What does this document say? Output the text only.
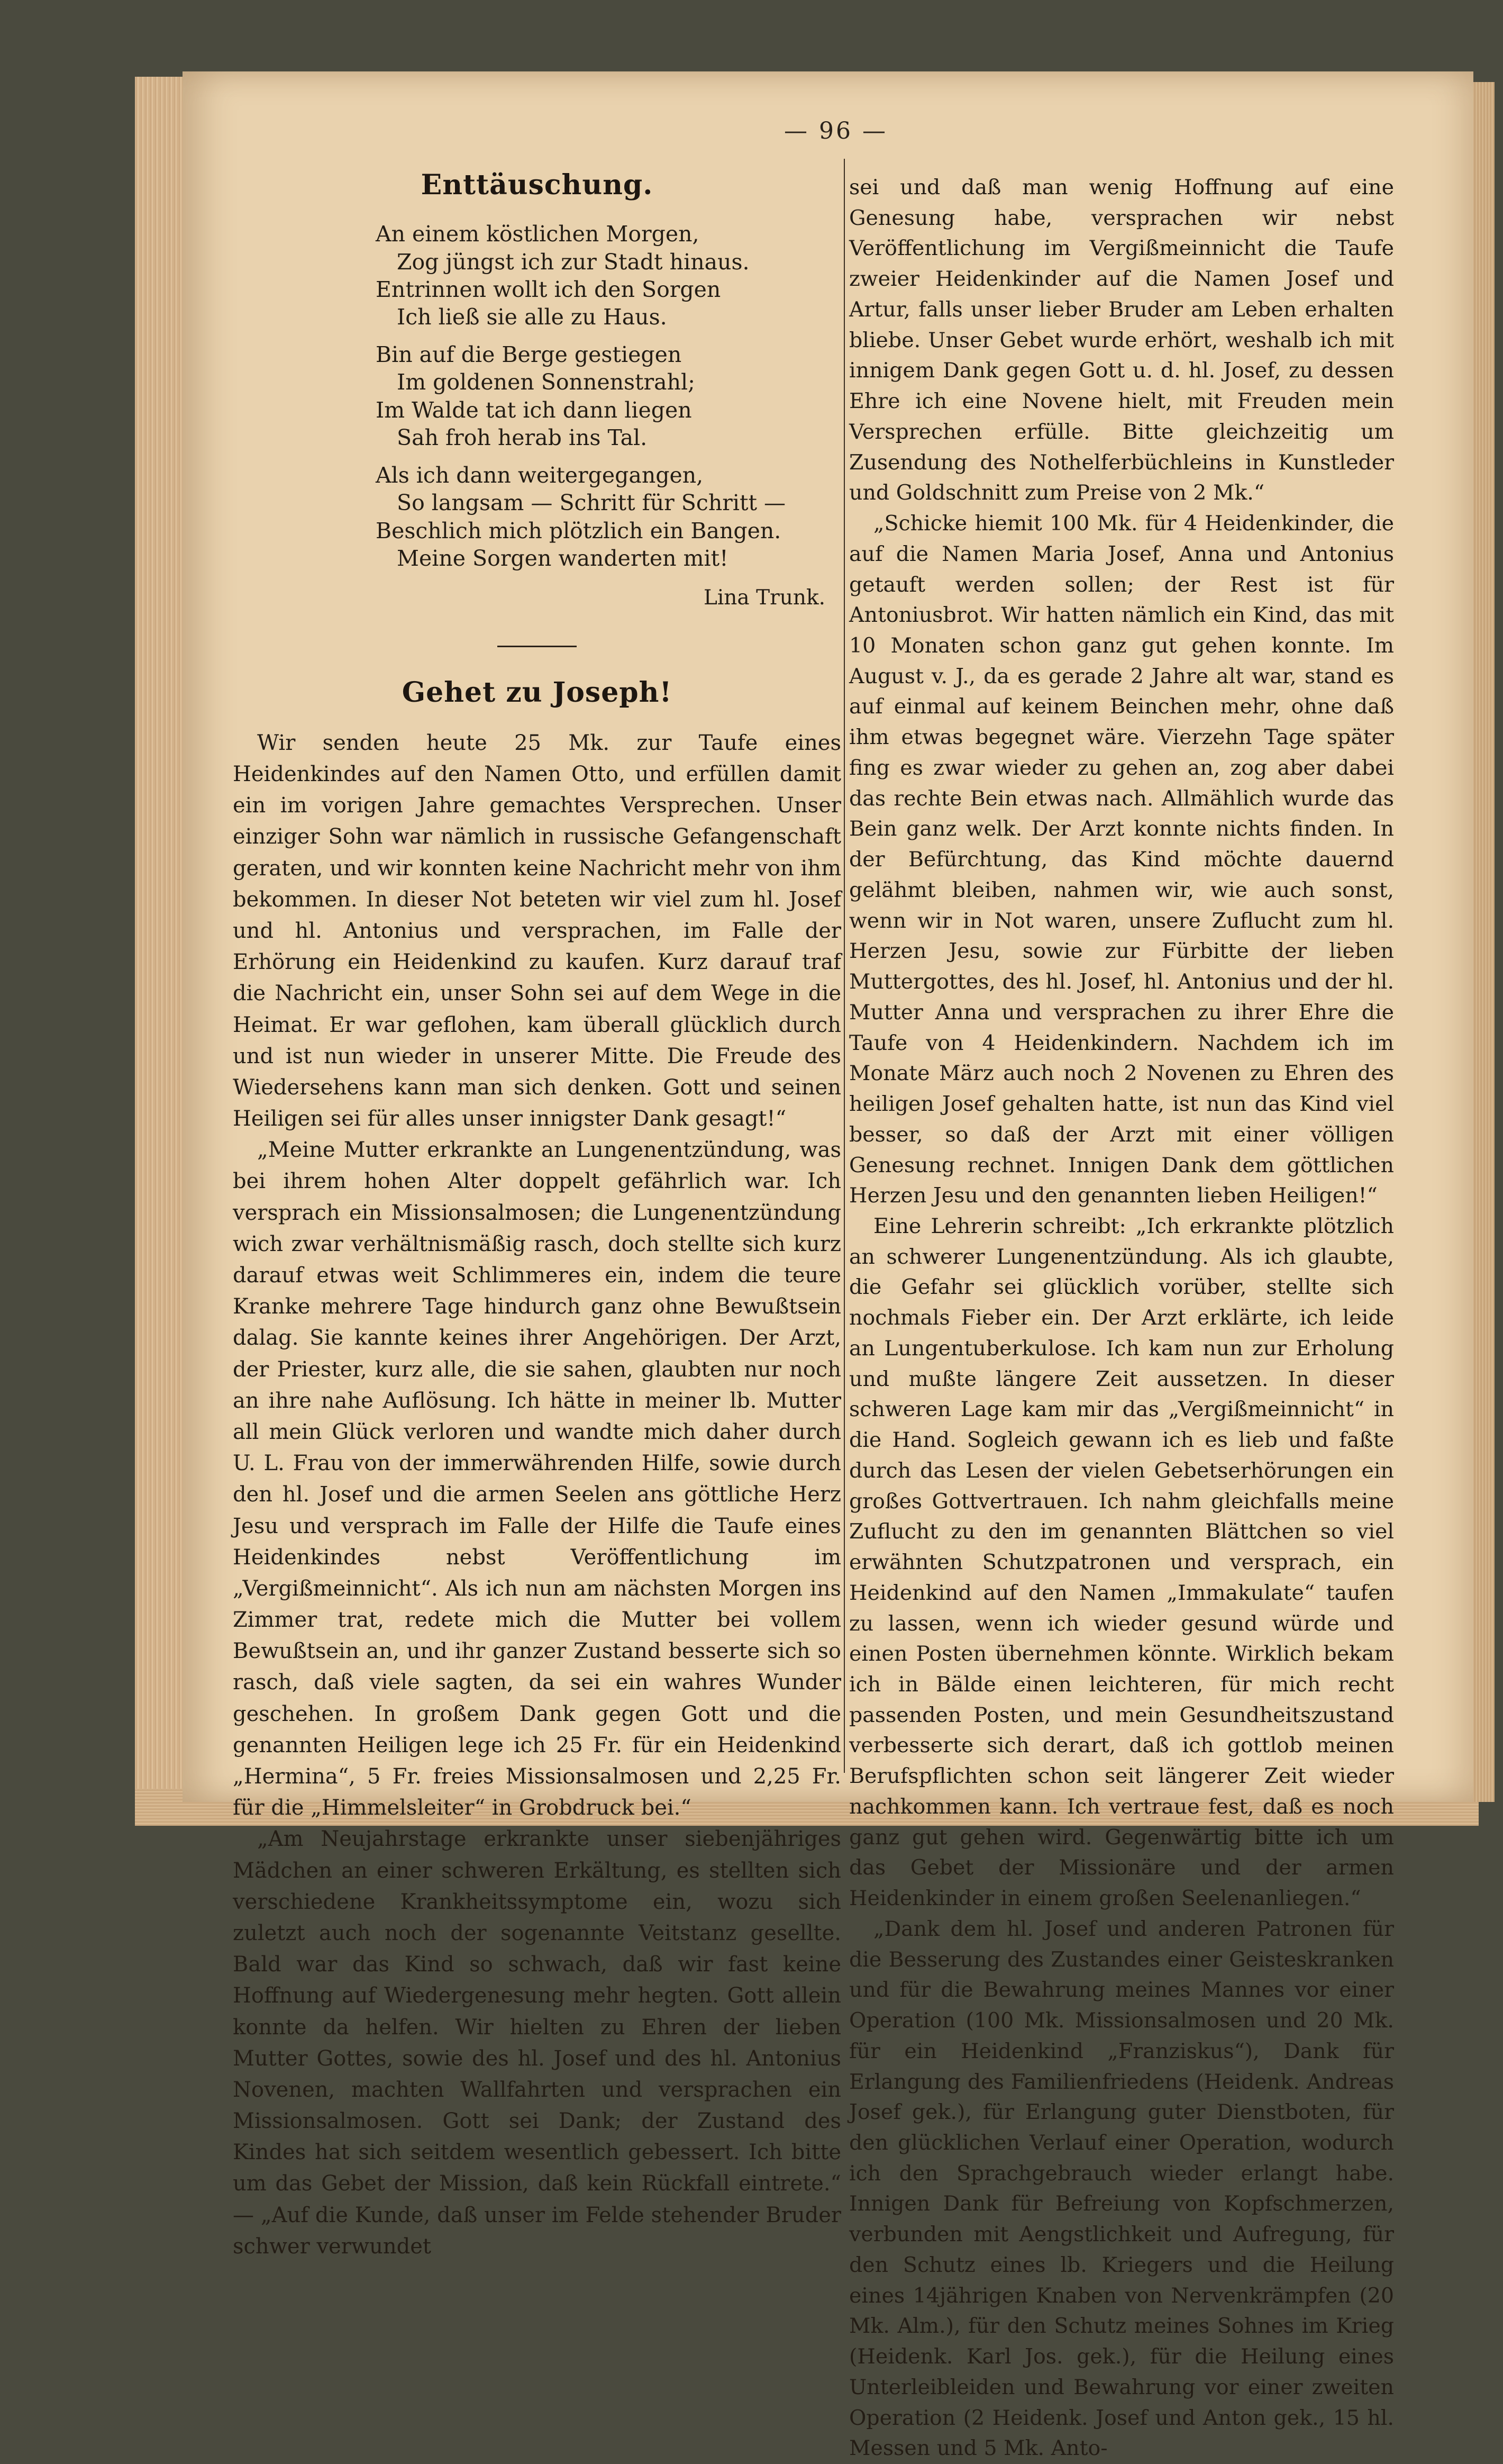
— 96 —
Enttäuschung.

An einem köstlichen Morgen,

Zog jüngst ich zur Stadt hinaus.

Entrinnen wollt ich den Sorgen

Ich ließ sie alle zu Haus.

Bin auf die Berge gestiegen

Im goldenen Sonnenstrahl;

Im Walde tat ich dann liegen

Sah froh herab ins Tal.

Als ich dann weitergegangen,

So langsam — Schritt für Schritt —

Beschlich mich plötzlich ein Bangen.

Meine Sorgen wanderten mit!

Lina Trunk.
Gehet zu Joseph!

Wir senden heute 25 Mk. zur Taufe eines Heidenkindes auf den Namen Otto, und erfüllen damit ein im vorigen Jahre gemachtes Versprechen. Unser einziger Sohn war nämlich in russische Gefangenschaft geraten, und wir konnten keine Nachricht mehr von ihm bekommen. In dieser Not beteten wir viel zum hl. Josef und hl. Antonius und versprachen, im Falle der Erhörung ein Heidenkind zu kaufen. Kurz darauf traf die Nachricht ein, unser Sohn sei auf dem Wege in die Heimat. Er war geflohen, kam überall glücklich durch und ist nun wieder in unserer Mitte. Die Freude des Wiedersehens kann man sich denken. Gott und seinen Heiligen sei für alles unser innigster Dank gesagt!“

„Meine Mutter erkrankte an Lungenentzündung, was bei ihrem hohen Alter doppelt gefährlich war. Ich versprach ein Missionsalmosen; die Lungenentzündung wich zwar verhältnismäßig rasch, doch stellte sich kurz darauf etwas weit Schlimmeres ein, indem die teure Kranke mehrere Tage hindurch ganz ohne Bewußtsein dalag. Sie kannte keines ihrer Angehörigen. Der Arzt, der Priester, kurz alle, die sie sahen, glaubten nur noch an ihre nahe Auflösung. Ich hätte in meiner lb. Mutter all mein Glück verloren und wandte mich daher durch U. L. Frau von der immerwährenden Hilfe, sowie durch den hl. Josef und die armen Seelen ans göttliche Herz Jesu und versprach im Falle der Hilfe die Taufe eines Heidenkindes nebst Veröffentlichung im „Vergißmeinnicht“. Als ich nun am nächsten Morgen ins Zimmer trat, redete mich die Mutter bei vollem Bewußtsein an, und ihr ganzer Zustand besserte sich so rasch, daß viele sagten, da sei ein wahres Wunder geschehen. In großem Dank gegen Gott und die genannten Heiligen lege ich 25 Fr. für ein Heidenkind „Hermina“, 5 Fr. freies Missionsalmosen und 2,25 Fr. für die „Himmelsleiter“ in Grobdruck bei.“

„Am Neujahrstage erkrankte unser siebenjähriges Mädchen an einer schweren Erkältung, es stellten sich verschiedene Krankheitssymptome ein, wozu sich zuletzt auch noch der sogenannte Veitstanz gesellte. Bald war das Kind so schwach, daß wir fast keine Hoffnung auf Wiedergenesung mehr hegten. Gott allein konnte da helfen. Wir hielten zu Ehren der lieben Mutter Gottes, sowie des hl. Josef und des hl. Antonius Novenen, machten Wallfahrten und versprachen ein Missionsalmosen. Gott sei Dank; der Zustand des Kindes hat sich seitdem wesentlich gebessert. Ich bitte um das Gebet der Mission, daß kein Rückfall eintrete.“ — „Auf die Kunde, daß unser im Felde stehender Bruder schwer verwundet

sei und daß man wenig Hoffnung auf eine Genesung habe, versprachen wir nebst Veröffentlichung im Vergißmeinnicht die Taufe zweier Heidenkinder auf die Namen Josef und Artur, falls unser lieber Bruder am Leben erhalten bliebe. Unser Gebet wurde erhört, weshalb ich mit innigem Dank gegen Gott u. d. hl. Josef, zu dessen Ehre ich eine Novene hielt, mit Freuden mein Versprechen erfülle. Bitte gleichzeitig um Zusendung des Nothelferbüchleins in Kunstleder und Goldschnitt zum Preise von 2 Mk.“

„Schicke hiemit 100 Mk. für 4 Heidenkinder, die auf die Namen Maria Josef, Anna und Antonius getauft werden sollen; der Rest ist für Antoniusbrot. Wir hatten nämlich ein Kind, das mit 10 Monaten schon ganz gut gehen konnte. Im August v. J., da es gerade 2 Jahre alt war, stand es auf einmal auf keinem Beinchen mehr, ohne daß ihm etwas begegnet wäre. Vierzehn Tage später fing es zwar wieder zu gehen an, zog aber dabei das rechte Bein etwas nach. Allmählich wurde das Bein ganz welk. Der Arzt konnte nichts finden. In der Befürchtung, das Kind möchte dauernd gelähmt bleiben, nahmen wir, wie auch sonst, wenn wir in Not waren, unsere Zuflucht zum hl. Herzen Jesu, sowie zur Fürbitte der lieben Muttergottes, des hl. Josef, hl. Antonius und der hl. Mutter Anna und versprachen zu ihrer Ehre die Taufe von 4 Heidenkindern. Nachdem ich im Monate März auch noch 2 Novenen zu Ehren des heiligen Josef gehalten hatte, ist nun das Kind viel besser, so daß der Arzt mit einer völligen Genesung rechnet. Innigen Dank dem göttlichen Herzen Jesu und den genannten lieben Heiligen!“

Eine Lehrerin schreibt: „Ich erkrankte plötzlich an schwerer Lungenentzündung. Als ich glaubte, die Gefahr sei glücklich vorüber, stellte sich nochmals Fieber ein. Der Arzt erklärte, ich leide an Lungentuberkulose. Ich kam nun zur Erholung und mußte längere Zeit aussetzen. In dieser schweren Lage kam mir das „Vergißmeinnicht“ in die Hand. Sogleich gewann ich es lieb und faßte durch das Lesen der vielen Gebetserhörungen ein großes Gottvertrauen. Ich nahm gleichfalls meine Zuflucht zu den im genannten Blättchen so viel erwähnten Schutzpatronen und versprach, ein Heidenkind auf den Namen „Immakulate“ taufen zu lassen, wenn ich wieder gesund würde und einen Posten übernehmen könnte. Wirklich bekam ich in Bälde einen leichteren, für mich recht passenden Posten, und mein Gesundheitszustand verbesserte sich derart, daß ich gottlob meinen Berufspflichten schon seit längerer Zeit wieder nachkommen kann. Ich vertraue fest, daß es noch ganz gut gehen wird. Gegenwärtig bitte ich um das Gebet der Missionäre und der armen Heidenkinder in einem großen Seelenanliegen.“

„Dank dem hl. Josef und anderen Patronen für die Besserung des Zustandes einer Geisteskranken und für die Bewahrung meines Mannes vor einer Operation (100 Mk. Missionsalmosen und 20 Mk. für ein Heidenkind „Franziskus“), Dank für Erlangung des Familienfriedens (Heidenk. Andreas Josef gek.), für Erlangung guter Dienstboten, für den glücklichen Verlauf einer Operation, wodurch ich den Sprachgebrauch wieder erlangt habe. Innigen Dank für Befreiung von Kopfschmerzen, verbunden mit Aengstlichkeit und Aufregung, für den Schutz eines lb. Kriegers und die Heilung eines 14jährigen Knaben von Nervenkrämpfen (20 Mk. Alm.), für den Schutz meines Sohnes im Krieg (Heidenk. Karl Jos. gek.), für die Heilung eines Unterleibleiden und Bewahrung vor einer zweiten Operation (2 Heidenk. Josef und Anton gek., 15 hl. Messen und 5 Mk. Anto-
